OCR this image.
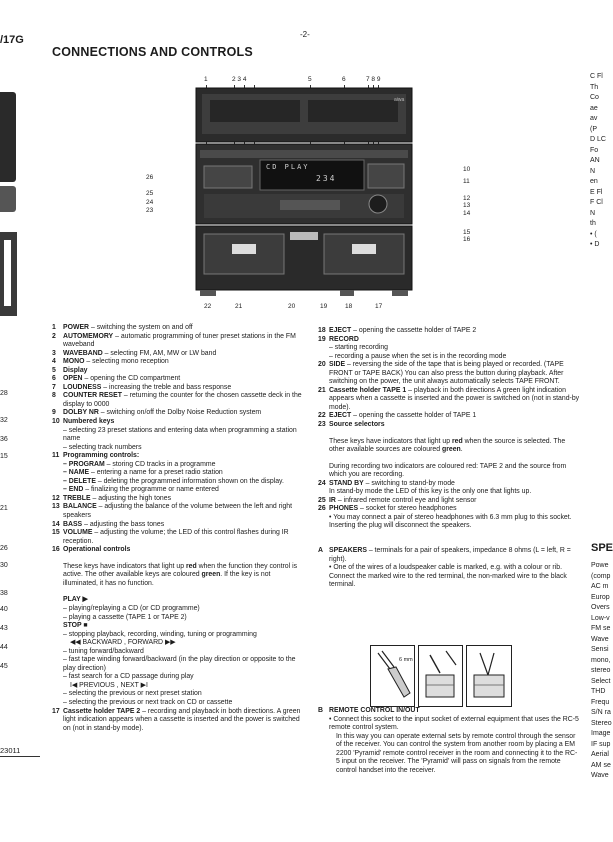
-2-
/17G
CONNECTIONS AND CONTROLS
28
32
36
15
21
26
30
38
40
43
44
45
23011
C Fl
Th
Co
ae
av
(P
D LC
Fo
AN
N
en
E Fl
F Cl
N
th
• (
• D
SPE
Powe
(comp
AC m
Europ
Overs
Low-v
FM se
Wave
Sensi
mono,
stereo
Select
THD
Frequ
S/N ra
Stereo
Image
IF sup
Aerial
AM se
Wave
1	2 3 4	5	6	7 8 9
CD PLAY
234
aiwa
10
11
12
13
14
15
16
26
25
24
23
22	21	20	19	18	17
1	POWER – switching the system on and off
2	AUTOMEMORY – automatic programming of tuner preset stations in the FM waveband
3	WAVEBAND – selecting FM, AM, MW or LW band
4	MONO – selecting mono reception
5	Display
6	OPEN – opening the CD compartment
7	LOUDNESS – increasing the treble and bass response
8	COUNTER RESET – returning the counter for the chosen cassette deck in the display to 0000
9	DOLBY NR – switching on/off the Dolby Noise Reduction system
10 Numbered keys
– selecting 23 preset stations and entering data when programming a station name
– selecting track numbers
11 Programming controls:
– PROGRAM – storing CD tracks in a programme
– NAME – entering a name for a preset radio station
– DELETE – deleting the programmed information shown on the display.
– END – finalizing the programme or name entered
12 TREBLE – adjusting the high tones
13 BALANCE – adjusting the balance of the volume between the left and right speakers
14 BASS – adjusting the bass tones
15 VOLUME – adjusting the volume; the LED of this control flashes during IR reception.
16 Operational controls
These keys have indicators that light up red when the function they control is active. The other available keys are coloured green. If the key is not illuminated, it has no function.
PLAY ▶
– playing/replaying a CD (or CD programme)
– playing a cassette (TAPE 1 or TAPE 2)
STOP ■
– stopping playback, recording, winding, tuning or programming
◀◀ BACKWARD , FORWARD ▶▶
– tuning forward/backward
– fast tape winding forward/backward (in the play direction or opposite to the play direction)
– fast search for a CD passage during play
I◀ PREVIOUS , NEXT ▶I
– selecting the previous or next preset station
– selecting the previous or next track on CD or cassette
17 Cassette holder TAPE 2 – recording and playback in both directions. A green light indication appears when a cassette is inserted and the power is switched on (not in stand-by mode).
18 EJECT – opening the cassette holder of TAPE 2
19 RECORD
– starting recording
– recording a pause when the set is in the recording mode
20 SIDE – reversing the side of the tape that is being played or recorded. (TAPE FRONT or TAPE BACK) You can also press the button during playback. After switching on the power, the unit always automatically selects TAPE FRONT.
21 Cassette holder TAPE 1 – playback in both directions A green light indication appears when a cassette is inserted and the power is switched on (not in stand-by mode).
22 EJECT – opening the cassette holder of TAPE 1
23 Source selectors
These keys have indicators that light up red when the source is selected. The other available sources are coloured green.
During recording two indicators are coloured red: TAPE 2 and the source from which you are recording.
24 STAND BY – switching to stand-by mode
In stand-by mode the LED of this key is the only one that lights up.
25 IR – infrared remote control eye and light sensor
26 PHONES – socket for stereo headphones
• You may connect a pair of stereo headphones with 6.3 mm plug to this socket. Inserting the plug will disconnect the speakers.
A SPEAKERS – terminals for a pair of speakers, impedance 8 ohms (L = left, R = right).
• One of the wires of a loudspeaker cable is marked, e.g. with a colour or rib. Connect the marked wire to the red terminal, the non-marked wire to the black terminal.
6 mm
B REMOTE CONTROL IN/OUT
• Connect this socket to the input socket of external equipment that uses the RC-5 remote control system.
In this way you can operate external sets by remote control through the sensor of the receiver. You can control the system from another room by placing a EM 2200 'Pyramid' remote control receiver in the room and connecting it to the RC-5 input on the receiver. The 'Pyramid' will pass on signals from the remote control handset into the receiver.
